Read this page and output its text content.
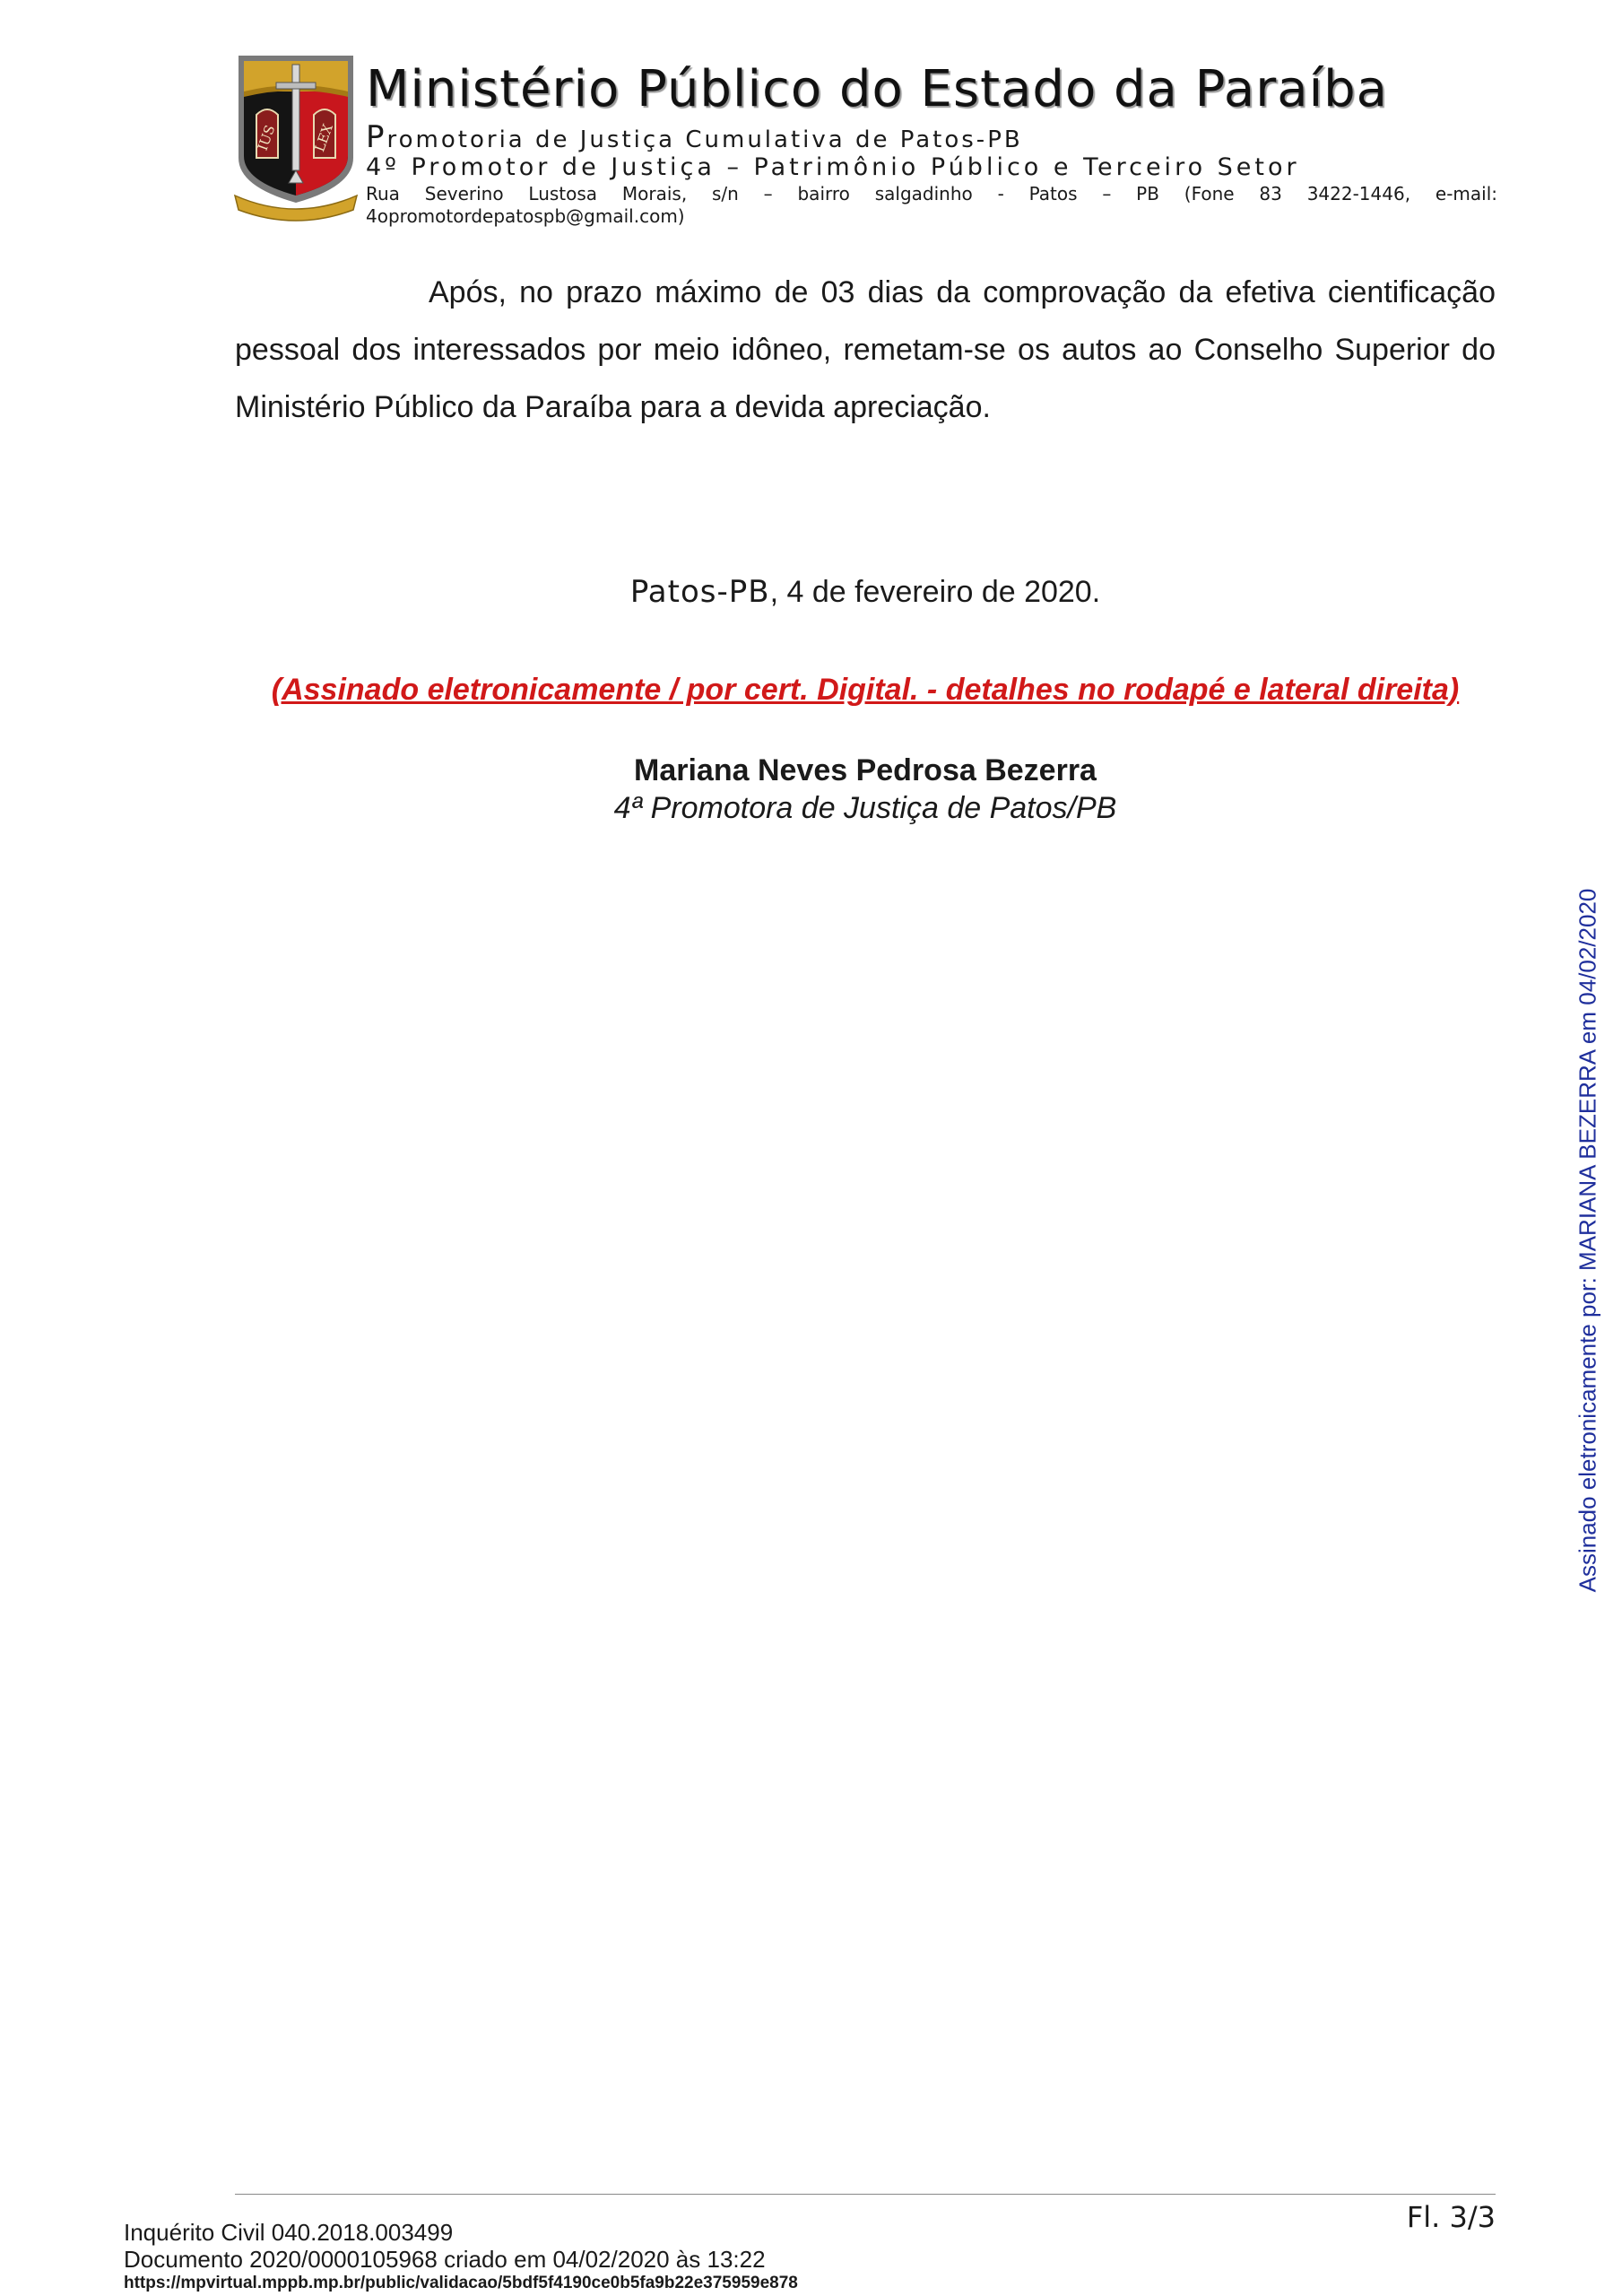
IUS LEX
Ministério Público do Estado da Paraíba
Promotoria de Justiça Cumulativa de Patos-PB
4º Promotor de Justiça – Patrimônio Público e Terceiro Setor
Rua Severino Lustosa Morais, s/n – bairro salgadinho - Patos – PB (Fone 83 3422-1446, e-mail:
4opromotordepatospb@gmail.com)

Após, no prazo máximo de 03 dias da comprovação da efetiva cientificação pessoal dos interessados por meio idôneo, remetam-se os autos ao Conselho Superior do Ministério Público da Paraíba para a devida apreciação.

Patos-PB, 4 de fevereiro de 2020.
(Assinado eletronicamente / por cert. Digital. - detalhes no rodapé e lateral direita)
Mariana Neves Pedrosa Bezerra
4ª Promotora de Justiça de Patos/PB
Assinado eletronicamente por: MARIANA BEZERRA em 04/02/2020
Fl. 3/3
Inquérito Civil 040.2018.003499
Documento 2020/0000105968 criado em 04/02/2020 às 13:22
https://mpvirtual.mppb.mp.br/public/validacao/5bdf5f4190ce0b5fa9b22e375959e878
